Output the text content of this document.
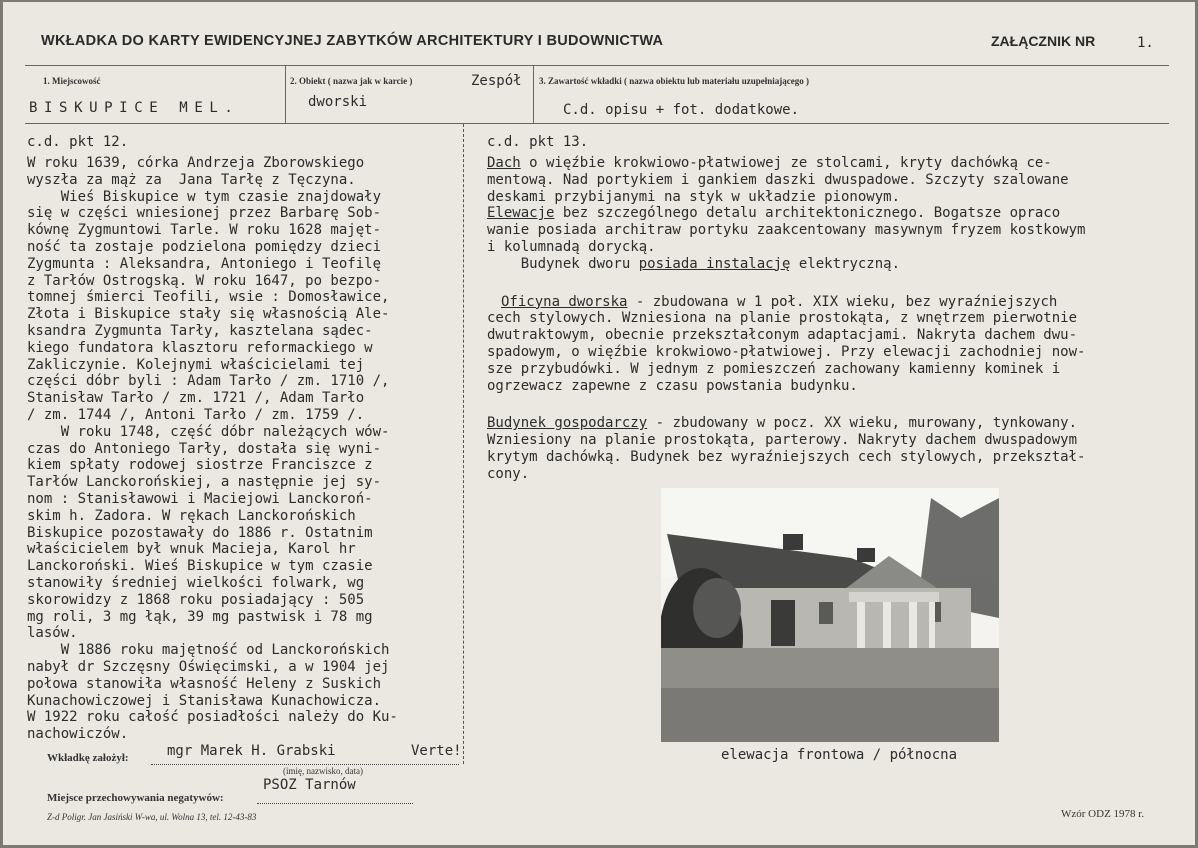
WKŁADKA DO KARTY EWIDENCYJNEJ ZABYTKÓW ARCHITEKTURY I BUDOWNICTWA	ZAŁĄCZNIK NR	1.
1. Miejscowość
BISKUPICE MEL.
2. Obiekt ( nazwa jak w karcie )	Zespół
dworski
3. Zawartość wkładki ( nazwa obiektu lub materiału uzupełniającego )
C.d. opisu + fot. dodatkowe.
c.d. pkt 12.	c.d. pkt 13.

W roku 1639, córka Andrzeja Zborowskiego

wyszła za mąż za  Jana Tarłę z Tęczyna.

Wieś Biskupice w tym czasie znajdowały

się w części wniesionej przez Barbarę Sob-

kównę Zygmuntowi Tarle. W roku 1628 majęt-

ność ta zostaje podzielona pomiędzy dzieci

Zygmunta : Aleksandra, Antoniego i Teofilę

z Tarłów Ostrogską. W roku 1647, po bezpo-

tomnej śmierci Teofili, wsie : Domosławice,

Złota i Biskupice stały się własnością Ale-

ksandra Zygmunta Tarły, kasztelana sądec-

kiego fundatora klasztoru reformackiego w

Zakliczynie. Kolejnymi właścicielami tej

części dóbr byli : Adam Tarło / zm. 1710 /,

Stanisław Tarło / zm. 1721 /, Adam Tarło

/ zm. 1744 /, Antoni Tarło / zm. 1759 /.

W roku 1748, część dóbr należących wów-

czas do Antoniego Tarły, dostała się wyni-

kiem spłaty rodowej siostrze Franciszce z

Tarłów Lanckorońskiej, a następnie jej sy-

nom : Stanisławowi i Maciejowi Lanckoroń-

skim h. Zadora. W rękach Lanckorońskich

Biskupice pozostawały do 1886 r. Ostatnim

właścicielem był wnuk Macieja, Karol hr

Lanckoroński. Wieś Biskupice w tym czasie

stanowiły średniej wielkości folwark, wg

skorowidzy z 1868 roku posiadający : 505

mg roli, 3 mg łąk, 39 mg pastwisk i 78 mg

lasów.

W 1886 roku majętność od Lanckorońskich

nabył dr Szczęsny Oświęcimski, a w 1904 jej

połowa stanowiła własność Heleny z Suskich

Kunachowiczowej i Stanisława Kunachowicza.

W 1922 roku całość posiadłości należy do Ku-

nachowiczów.

Dach o więźbie krokwiowo-płatwiowej ze stolcami, kryty dachówką ce-

mentową. Nad portykiem i gankiem daszki dwuspadowe. Szczyty szalowane

deskami przybijanymi na styk w układzie pionowym.

Elewacje bez szczególnego detalu architektonicznego. Bogatsze opraco

wanie posiada architraw portyku zaakcentowany masywnym fryzem kostkowym

i kolumnadą dorycką.

Budynek dworu posiada instalację elektryczną.

Oficyna dworska - zbudowana w 1 poł. XIX wieku, bez wyraźniejszych

cech stylowych. Wzniesiona na planie prostokąta, z wnętrzem pierwotnie

dwutraktowym, obecnie przekształconym adaptacjami. Nakryta dachem dwu-

spadowym, o więźbie krokwiowo-płatwiowej. Przy elewacji zachodniej now-

sze przybudówki. W jednym z pomieszczeń zachowany kamienny kominek i

ogrzewacz zapewne z czasu powstania budynku.

Budynek gospodarczy - zbudowany w pocz. XX wieku, murowany, tynkowany.

Wzniesiony na planie prostokąta, parterowy. Nakryty dachem dwuspadowym

krytym dachówką. Budynek bez wyraźniejszych cech stylowych, przekształ-

cony.

elewacja frontowa / północna
Wkładkę założył:	mgr Marek H. Grabski	Verte!
(imię, nazwisko, data)
PSOZ Tarnów
Miejsce przechowywania negatywów:
Z-d Poligr. Jan Jasiński W-wa, ul. Wolna 13, tel. 12-43-83	Wzór ODZ 1978 r.
